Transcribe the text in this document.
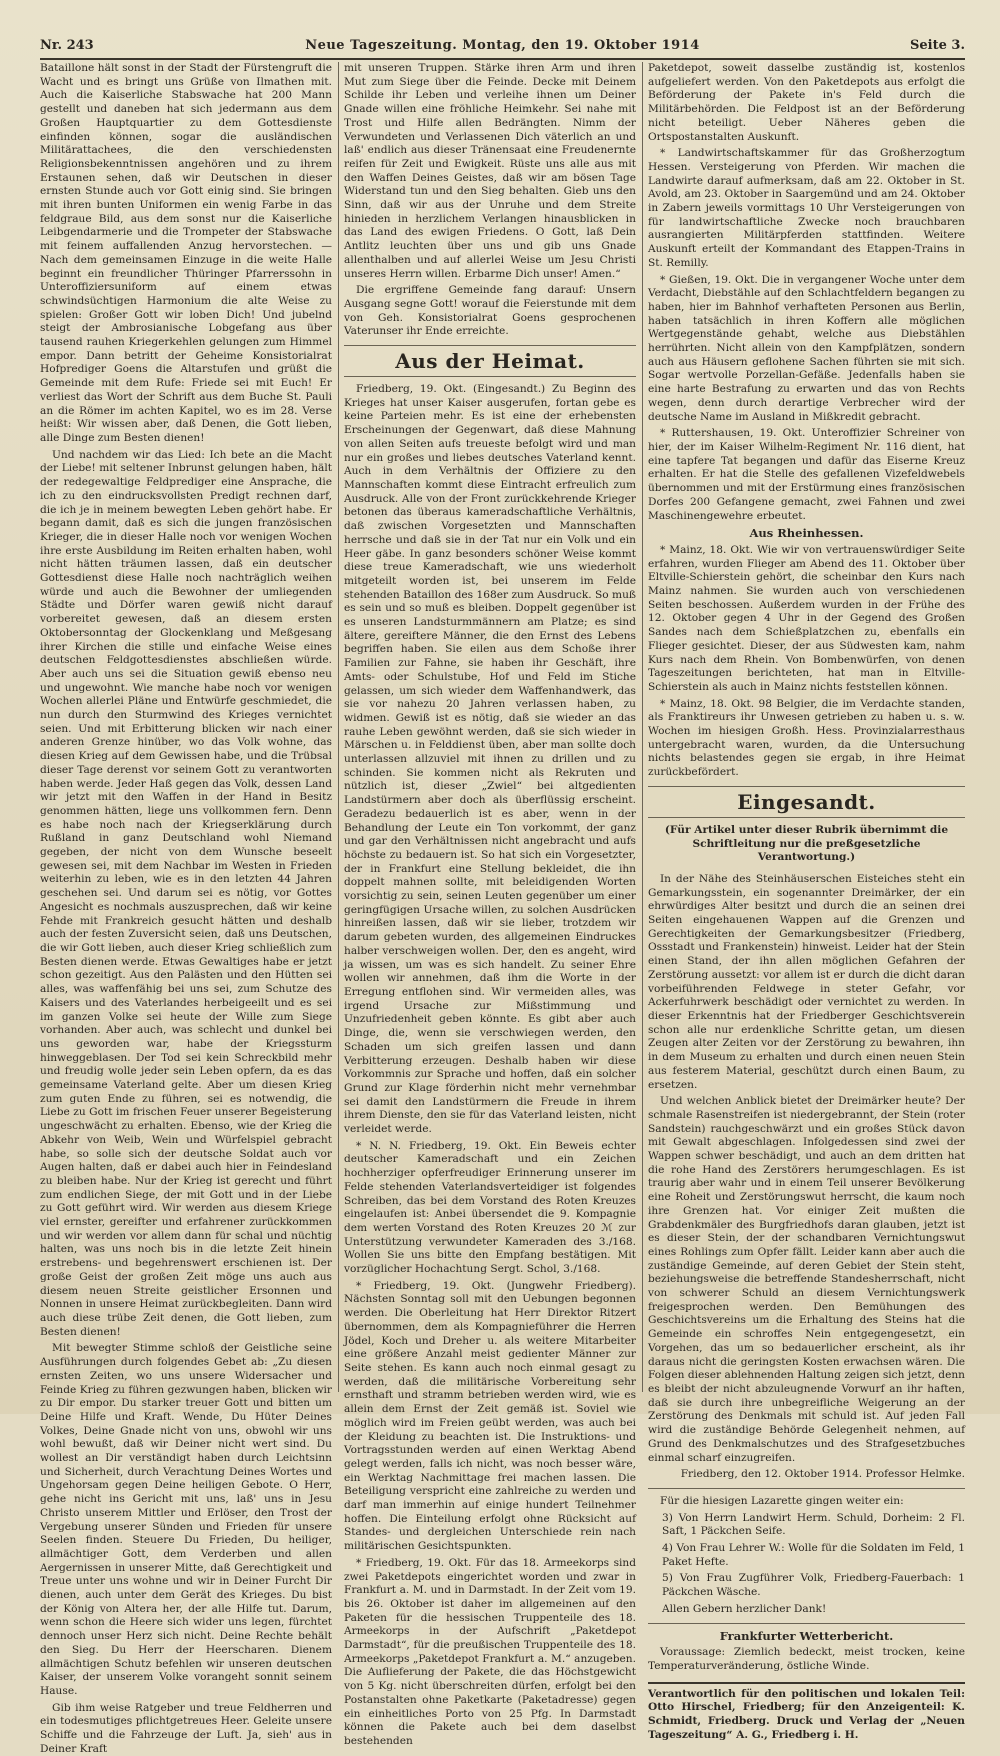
Nr. 243	Neue Tageszeitung. Montag, den 19. Oktober 1914	Seite 3.

Bataillone hält sonst in der Stadt der Fürstengruft die Wacht und es bringt uns Grüße von Ilmathen mit. Auch die Kaiserliche Stabswache hat 200 Mann gestellt und daneben hat sich jedermann aus dem Großen Hauptquartier zu dem Gottesdienste einfinden können, sogar die ausländischen Militärattachees, die den verschiedensten Religionsbekenntnissen angehören und zu ihrem Erstaunen sehen, daß wir Deutschen in dieser ernsten Stunde auch vor Gott einig sind. Sie bringen mit ihren bunten Uniformen ein wenig Farbe in das feldgraue Bild, aus dem sonst nur die Kaiserliche Leibgendarmerie und die Trompeter der Stabswache mit feinem auffallenden Anzug hervorstechen. — Nach dem gemeinsamen Einzuge in die weite Halle beginnt ein freundlicher Thüringer Pfarrerssohn in Unteroffiziersuniform auf einem etwas schwindsüchtigen Harmonium die alte Weise zu spielen: Großer Gott wir loben Dich! Und jubelnd steigt der Ambrosianische Lobgefang aus über tausend rauhen Kriegerkehlen gelungen zum Himmel empor. Dann betritt der Geheime Konsistorialrat Hofprediger Goens die Altarstufen und grüßt die Gemeinde mit dem Rufe: Friede sei mit Euch! Er verliest das Wort der Schrift aus dem Buche St. Pauli an die Römer im achten Kapitel, wo es im 28. Verse heißt: Wir wissen aber, daß Denen, die Gott lieben, alle Dinge zum Besten dienen!

Und nachdem wir das Lied: Ich bete an die Macht der Liebe! mit seltener Inbrunst gelungen haben, hält der redegewaltige Feldprediger eine Ansprache, die ich zu den eindrucksvollsten Predigt rechnen darf, die ich je in meinem bewegten Leben gehört habe. Er begann damit, daß es sich die jungen französischen Krieger, die in dieser Halle noch vor wenigen Wochen ihre erste Ausbildung im Reiten erhalten haben, wohl nicht hätten träumen lassen, daß ein deutscher Gottesdienst diese Halle noch nachträglich weihen würde und auch die Bewohner der umliegenden Städte und Dörfer waren gewiß nicht darauf vorbereitet gewesen, daß an diesem ersten Oktobersonntag der Glockenklang und Meßgesang ihrer Kirchen die stille und einfache Weise eines deutschen Feldgottesdienstes abschließen würde. Aber auch uns sei die Situation gewiß ebenso neu und ungewohnt. Wie manche habe noch vor wenigen Wochen allerlei Pläne und Entwürfe geschmiedet, die nun durch den Sturmwind des Krieges vernichtet seien. Und mit Erbitterung blicken wir nach einer anderen Grenze hinüber, wo das Volk wohne, das diesen Krieg auf dem Gewissen habe, und die Trübsal dieser Tage derenst vor seinem Gott zu verantworten haben werde. Jeder Haß gegen das Volk, dessen Land wir jetzt mit den Waffen in der Hand in Besitz genommen hätten, liege uns vollkommen fern. Denn es habe noch nach der Kriegserklärung durch Rußland in ganz Deutschland wohl Niemand gegeben, der nicht von dem Wunsche beseelt gewesen sei, mit dem Nachbar im Westen in Frieden weiterhin zu leben, wie es in den letzten 44 Jahren geschehen sei. Und darum sei es nötig, vor Gottes Angesicht es nochmals auszusprechen, daß wir keine Fehde mit Frankreich gesucht hätten und deshalb auch der festen Zuversicht seien, daß uns Deutschen, die wir Gott lieben, auch dieser Krieg schließlich zum Besten dienen werde. Etwas Gewaltiges habe er jetzt schon gezeitigt. Aus den Palästen und den Hütten sei alles, was waffenfähig bei uns sei, zum Schutze des Kaisers und des Vaterlandes herbeigeeilt und es sei im ganzen Volke sei heute der Wille zum Siege vorhanden. Aber auch, was schlecht und dunkel bei uns geworden war, habe der Kriegssturm hinweggeblasen. Der Tod sei kein Schreckbild mehr und freudig wolle jeder sein Leben opfern, da es das gemeinsame Vaterland gelte. Aber um diesen Krieg zum guten Ende zu führen, sei es notwendig, die Liebe zu Gott im frischen Feuer unserer Begeisterung ungeschwächt zu erhalten. Ebenso, wie der Krieg die Abkehr von Weib, Wein und Würfelspiel gebracht habe, so solle sich der deutsche Soldat auch vor Augen halten, daß er dabei auch hier in Feindesland zu bleiben habe. Nur der Krieg ist gerecht und führt zum endlichen Siege, der mit Gott und in der Liebe zu Gott geführt wird. Wir werden aus diesem Kriege viel ernster, gereifter und erfahrener zurückkommen und wir werden vor allem dann für schal und nüchtig halten, was uns noch bis in die letzte Zeit hinein erstrebens- und begehrenswert erschienen ist. Der große Geist der großen Zeit möge uns auch aus diesem neuen Streite geistlicher Ersonnen und Nonnen in unsere Heimat zurückbegleiten. Dann wird auch diese trübe Zeit denen, die Gott lieben, zum Besten dienen!

Mit bewegter Stimme schloß der Geistliche seine Ausführungen durch folgendes Gebet ab: „Zu diesen ernsten Zeiten, wo uns unsere Widersacher und Feinde Krieg zu führen gezwungen haben, blicken wir zu Dir empor. Du starker treuer Gott und bitten um Deine Hilfe und Kraft. Wende, Du Hüter Deines Volkes, Deine Gnade nicht von uns, obwohl wir uns wohl bewußt, daß wir Deiner nicht wert sind. Du wollest an Dir verständigt haben durch Leichtsinn und Sicherheit, durch Verachtung Deines Wortes und Ungehorsam gegen Deine heiligen Gebote. O Herr, gehe nicht ins Gericht mit uns, laß' uns in Jesu Christo unserem Mittler und Erlöser, den Trost der Vergebung unserer Sünden und Frieden für unsere Seelen finden. Steuere Du Frieden, Du heiliger, allmächtiger Gott, dem Verderben und allen Aergernissen in unserer Mitte, daß Gerechtigkeit und Treue unter uns wohne und wir in Deiner Furcht Dir dienen, auch unter dem Gerät des Krieges. Du bist der König von Altera her, der alle Hilfe tut. Darum, wenn schon die Heere sich wider uns legen, fürchtet dennoch unser Herz sich nicht. Deine Rechte behält den Sieg. Du Herr der Heerscharen. Dienem allmächtigen Schutz befehlen wir unseren deutschen Kaiser, der unserem Volke vorangeht sonnit seinem Hause.

Gib ihm weise Ratgeber und treue Feldherren und ein todesmutiges pflichtgetreues Heer. Geleite unsere Schiffe und die Fahrzeuge der Luft. Ja, sieh' aus in Deiner Kraft

mit unseren Truppen. Stärke ihren Arm und ihren Mut zum Siege über die Feinde. Decke mit Deinem Schilde ihr Leben und verleihe ihnen um Deiner Gnade willen eine fröhliche Heimkehr. Sei nahe mit Trost und Hilfe allen Bedrängten. Nimm der Verwundeten und Verlassenen Dich väterlich an und laß' endlich aus dieser Tränensaat eine Freudenernte reifen für Zeit und Ewigkeit. Rüste uns alle aus mit den Waffen Deines Geistes, daß wir am bösen Tage Widerstand tun und den Sieg behalten. Gieb uns den Sinn, daß wir aus der Unruhe und dem Streite hinieden in herzlichem Verlangen hinausblicken in das Land des ewigen Friedens. O Gott, laß Dein Antlitz leuchten über uns und gib uns Gnade allenthalben und auf allerlei Weise um Jesu Christi unseres Herrn willen. Erbarme Dich unser! Amen.“

Die ergriffene Gemeinde fang darauf: Unsern Ausgang segne Gott! worauf die Feierstunde mit dem von Geh. Konsistorialrat Goens gesprochenen Vaterunser ihr Ende erreichte.

Aus der Heimat.

Friedberg, 19. Okt. (Eingesandt.) Zu Beginn des Krieges hat unser Kaiser ausgerufen, fortan gebe es keine Parteien mehr. Es ist eine der erhebensten Erscheinungen der Gegenwart, daß diese Mahnung von allen Seiten aufs treueste befolgt wird und man nur ein großes und liebes deutsches Vaterland kennt. Auch in dem Verhältnis der Offiziere zu den Mannschaften kommt diese Eintracht erfreulich zum Ausdruck. Alle von der Front zurückkehrende Krieger betonen das überaus kameradschaftliche Verhältnis, daß zwischen Vorgesetzten und Mannschaften herrsche und daß sie in der Tat nur ein Volk und ein Heer gäbe. In ganz besonders schöner Weise kommt diese treue Kameradschaft, wie uns wiederholt mitgeteilt worden ist, bei unserem im Felde stehenden Bataillon des 168er zum Ausdruck. So muß es sein und so muß es bleiben. Doppelt gegenüber ist es unseren Landsturmmännern am Platze; es sind ältere, gereiftere Männer, die den Ernst des Lebens begriffen haben. Sie eilen aus dem Schoße ihrer Familien zur Fahne, sie haben ihr Geschäft, ihre Amts- oder Schulstube, Hof und Feld im Stiche gelassen, um sich wieder dem Waffenhandwerk, das sie vor nahezu 20 Jahren verlassen haben, zu widmen. Gewiß ist es nötig, daß sie wieder an das rauhe Leben gewöhnt werden, daß sie sich wieder in Märschen u. in Felddienst üben, aber man sollte doch unterlassen allzuviel mit ihnen zu drillen und zu schinden. Sie kommen nicht als Rekruten und nützlich ist, dieser „Zwiel“ bei altgedienten Landstürmern aber doch als überflüssig erscheint. Geradezu bedauerlich ist es aber, wenn in der Behandlung der Leute ein Ton vorkommt, der ganz und gar den Verhältnissen nicht angebracht und aufs höchste zu bedauern ist. So hat sich ein Vorgesetzter, der in Frankfurt eine Stellung bekleidet, die ihn doppelt mahnen sollte, mit beleidigenden Worten vorsichtig zu sein, seinen Leuten gegenüber um einer geringfügigen Ursache willen, zu solchen Ausdrücken hinreißen lassen, daß wir sie lieber, trotzdem wir darum gebeten wurden, des allgemeinen Eindruckes halber verschweigen wollen. Der, den es angeht, wird ja wissen, um was es sich handelt. Zu seiner Ehre wollen wir annehmen, daß ihm die Worte in der Erregung entflohen sind. Wir vermeiden alles, was irgend Ursache zur Mißstimmung und Unzufriedenheit geben könnte. Es gibt aber auch Dinge, die, wenn sie verschwiegen werden, den Schaden um sich greifen lassen und dann Verbitterung erzeugen. Deshalb haben wir diese Vorkommnis zur Sprache und hoffen, daß ein solcher Grund zur Klage förderhin nicht mehr vernehmbar sei damit den Landstürmern die Freude in ihrem ihrem Dienste, den sie für das Vaterland leisten, nicht verleidet werde.

* N. N. Friedberg, 19. Okt. Ein Beweis echter deutscher Kameradschaft und ein Zeichen hochherziger opferfreudiger Erinnerung unserer im Felde stehenden Vaterlandsverteidiger ist folgendes Schreiben, das bei dem Vorstand des Roten Kreuzes eingelaufen ist: Anbei übersendet die 9. Kompagnie dem werten Vorstand des Roten Kreuzes 20 ℳ zur Unterstützung verwundeter Kameraden des 3./168. Wollen Sie uns bitte den Empfang bestätigen. Mit vorzüglicher Hochachtung Sergt. Schol, 3./168.

* Friedberg, 19. Okt. (Jungwehr Friedberg). Nächsten Sonntag soll mit den Uebungen begonnen werden. Die Oberleitung hat Herr Direktor Ritzert übernommen, dem als Kompagnieführer die Herren Jödel, Koch und Dreher u. als weitere Mitarbeiter eine größere Anzahl meist gedienter Männer zur Seite stehen. Es kann auch noch einmal gesagt zu werden, daß die militärische Vorbereitung sehr ernsthaft und stramm betrieben werden wird, wie es allein dem Ernst der Zeit gemäß ist. Soviel wie möglich wird im Freien geübt werden, was auch bei der Kleidung zu beachten ist. Die Instruktions- und Vortragsstunden werden auf einen Werktag Abend gelegt werden, falls ich nicht, was noch besser wäre, ein Werktag Nachmittage frei machen lassen. Die Beteiligung verspricht eine zahlreiche zu werden und darf man immerhin auf einige hundert Teilnehmer hoffen. Die Einteilung erfolgt ohne Rücksicht auf Standes- und dergleichen Unterschiede rein nach militärischen Gesichtspunkten.

* Friedberg, 19. Okt. Für das 18. Armeekorps sind zwei Paketdepots eingerichtet worden und zwar in Frankfurt a. M. und in Darmstadt. In der Zeit vom 19. bis 26. Oktober ist daher im allgemeinen auf den Paketen für die hessischen Truppenteile des 18. Armeekorps in der Aufschrift „Paketdepot Darmstadt“, für die preußischen Truppenteile des 18. Armeekorps „Paketdepot Frankfurt a. M.“ anzugeben. Die Auflieferung der Pakete, die das Höchstgewicht von 5 Kg. nicht überschreiten dürfen, erfolgt bei den Postanstalten ohne Paketkarte (Paketadresse) gegen ein einheitliches Porto von 25 Pfg. In Darmstadt können die Pakete auch bei dem daselbst bestehenden

Paketdepot, soweit dasselbe zuständig ist, kostenlos aufgeliefert werden. Von den Paketdepots aus erfolgt die Beförderung der Pakete in's Feld durch die Militärbehörden. Die Feldpost ist an der Beförderung nicht beteiligt. Ueber Näheres geben die Ortspostanstalten Auskunft.

* Landwirtschaftskammer für das Großherzogtum Hessen. Versteigerung von Pferden. Wir machen die Landwirte darauf aufmerksam, daß am 22. Oktober in St. Avold, am 23. Oktober in Saargemünd und am 24. Oktober in Zabern jeweils vormittags 10 Uhr Versteigerungen von für landwirtschaftliche Zwecke noch brauchbaren ausrangierten Militärpferden stattfinden. Weitere Auskunft erteilt der Kommandant des Etappen-Trains in St. Remilly.

* Gießen, 19. Okt. Die in vergangener Woche unter dem Verdacht, Diebstähle auf den Schlachtfeldern begangen zu haben, hier im Bahnhof verhafteten Personen aus Berlin, haben tatsächlich in ihren Koffern alle möglichen Wertgegenstände gehabt, welche aus Diebstählen herrührten. Nicht allein von den Kampfplätzen, sondern auch aus Häusern geflohene Sachen führten sie mit sich. Sogar wertvolle Porzellan-Gefäße. Jedenfalls haben sie eine harte Bestrafung zu erwarten und das von Rechts wegen, denn durch derartige Verbrecher wird der deutsche Name im Ausland in Mißkredit gebracht.

* Ruttershausen, 19. Okt. Unteroffizier Schreiner von hier, der im Kaiser Wilhelm-Regiment Nr. 116 dient, hat eine tapfere Tat begangen und dafür das Eiserne Kreuz erhalten. Er hat die Stelle des gefallenen Vizefeldwebels übernommen und mit der Erstürmung eines französischen Dorfes 200 Gefangene gemacht, zwei Fahnen und zwei Maschinengewehre erbeutet.

Aus Rheinhessen.

* Mainz, 18. Okt. Wie wir von vertrauenswürdiger Seite erfahren, wurden Flieger am Abend des 11. Oktober über Eltville-Schierstein gehört, die scheinbar den Kurs nach Mainz nahmen. Sie wurden auch von verschiedenen Seiten beschossen. Außerdem wurden in der Frühe des 12. Oktober gegen 4 Uhr in der Gegend des Großen Sandes nach dem Schießplatzchen zu, ebenfalls ein Flieger gesichtet. Dieser, der aus Südwesten kam, nahm Kurs nach dem Rhein. Von Bombenwürfen, von denen Tageszeitungen berichteten, hat man in Eltville-Schierstein als auch in Mainz nichts feststellen können.

* Mainz, 18. Okt. 98 Belgier, die im Verdachte standen, als Franktireurs ihr Unwesen getrieben zu haben u. s. w. Wochen im hiesigen Großh. Hess. Provinzialarresthaus untergebracht waren, wurden, da die Untersuchung nichts belastendes gegen sie ergab, in ihre Heimat zurückbefördert.

Eingesandt.
(Für Artikel unter dieser Rubrik übernimmt die Schriftleitung nur die preßgesetzliche Verantwortung.)

In der Nähe des Steinhäuserschen Eisteiches steht ein Gemarkungsstein, ein sogenannter Dreimärker, der ein ehrwürdiges Alter besitzt und durch die an seinen drei Seiten eingehauenen Wappen auf die Grenzen und Gerechtigkeiten der Gemarkungsbesitzer (Friedberg, Ossstadt und Frankenstein) hinweist. Leider hat der Stein einen Stand, der ihn allen möglichen Gefahren der Zerstörung aussetzt: vor allem ist er durch die dicht daran vorbeiführenden Feldwege in steter Gefahr, vor Ackerfuhrwerk beschädigt oder vernichtet zu werden. In dieser Erkenntnis hat der Friedberger Geschichtsverein schon alle nur erdenkliche Schritte getan, um diesen Zeugen alter Zeiten vor der Zerstörung zu bewahren, ihn in dem Museum zu erhalten und durch einen neuen Stein aus festerem Material, geschützt durch einen Baum, zu ersetzen.

Und welchen Anblick bietet der Dreimärker heute? Der schmale Rasenstreifen ist niedergebrannt, der Stein (roter Sandstein) rauchgeschwärzt und ein großes Stück davon mit Gewalt abgeschlagen. Infolgedessen sind zwei der Wappen schwer beschädigt, und auch an dem dritten hat die rohe Hand des Zerstörers herumgeschlagen. Es ist traurig aber wahr und in einem Teil unserer Bevölkerung eine Roheit und Zerstörungswut herrscht, die kaum noch ihre Grenzen hat. Vor einiger Zeit mußten die Grabdenkmäler des Burgfriedhofs daran glauben, jetzt ist es dieser Stein, der der schandbaren Vernichtungswut eines Rohlings zum Opfer fällt. Leider kann aber auch die zuständige Gemeinde, auf deren Gebiet der Stein steht, beziehungsweise die betreffende Standesherrschaft, nicht von schwerer Schuld an diesem Vernichtungswerk freigesprochen werden. Den Bemühungen des Geschichtsvereins um die Erhaltung des Steins hat die Gemeinde ein schroffes Nein entgegengesetzt, ein Vorgehen, das um so bedauerlicher erscheint, als ihr daraus nicht die geringsten Kosten erwachsen wären. Die Folgen dieser ablehnenden Haltung zeigen sich jetzt, denn es bleibt der nicht abzuleugnende Vorwurf an ihr haften, daß sie durch ihre unbegreifliche Weigerung an der Zerstörung des Denkmals mit schuld ist. Auf jeden Fall wird die zuständige Behörde Gelegenheit nehmen, auf Grund des Denkmalschutzes und des Strafgesetzbuches einmal scharf einzugreifen.

Friedberg, den 12. Oktober 1914. Professor Helmke.

Für die hiesigen Lazarette gingen weiter ein:

3) Von Herrn Landwirt Herm. Schuld, Dorheim: 2 Fl. Saft, 1 Päckchen Seife.

4) Von Frau Lehrer W.: Wolle für die Soldaten im Feld, 1 Paket Hefte.

5) Von Frau Zugführer Volk, Friedberg-Fauerbach: 1 Päckchen Wäsche.

Allen Gebern herzlicher Dank!

Frankfurter Wetterbericht.

Voraussage: Ziemlich bedeckt, meist trocken, keine Temperaturveränderung, östliche Winde.

Verantwortlich für den politischen und lokalen Teil: Otto Hirschel, Friedberg; für den Anzeigenteil: K. Schmidt, Friedberg. Druck und Verlag der „Neuen Tageszeitung“ A. G., Friedberg i. H.
